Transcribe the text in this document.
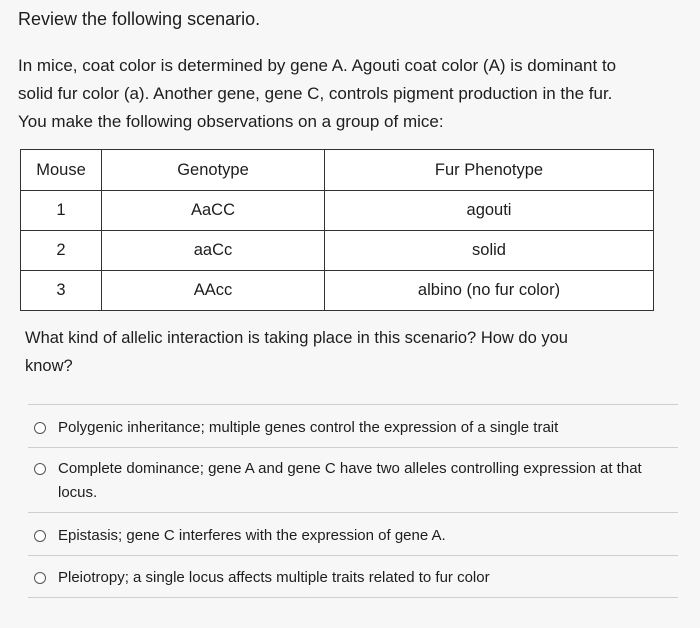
Review the following scenario.
In mice, coat color is determined by gene A. Agouti coat color (A) is dominant to
solid fur color (a). Another gene, gene C, controls pigment production in the fur.
You make the following observations on a group of mice:
Mouse	Genotype	Fur Phenotype
1	AaCC	agouti
2	aaCc	solid
3	AAcc	albino (no fur color)
What kind of allelic interaction is taking place in this scenario? How do you
know?
Polygenic inheritance; multiple genes control the expression of a single trait
Complete dominance; gene A and gene C have two alleles controlling expression at that
locus.
Epistasis; gene C interferes with the expression of gene A.
Pleiotropy; a single locus affects multiple traits related to fur color
